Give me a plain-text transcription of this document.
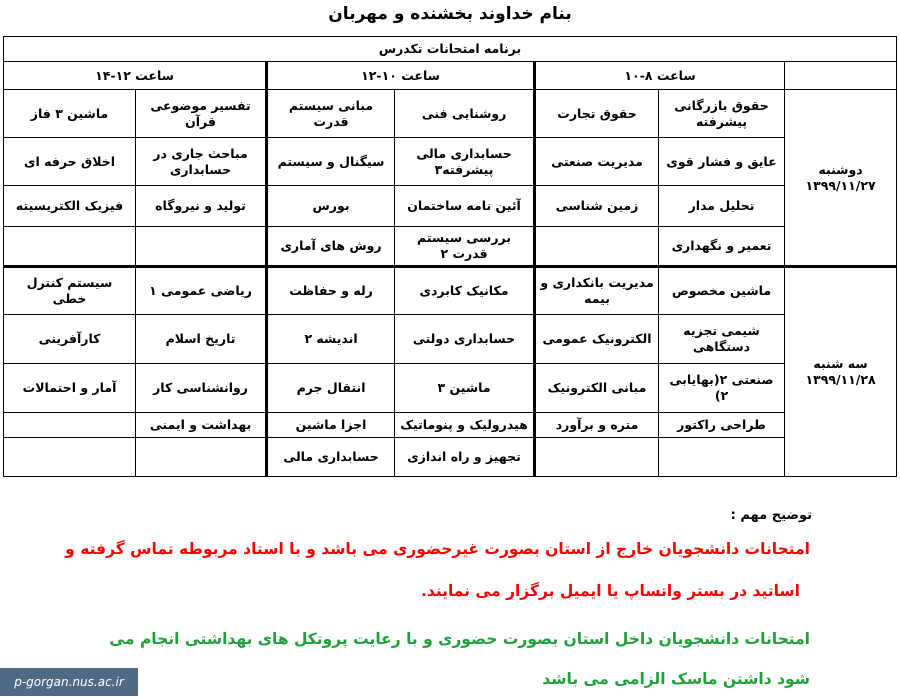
بنام خداوند بخشنده و مهربان
برنامه امتحانات تکدرس						
	ساعت ۸-۱۰		ساعت ۱۰-۱۲		ساعت ۱۲-۱۴	
دوشنبه
۱۳۹۹/۱۱/۲۷	حقوق بازرگانی پیشرفته	حقوق تجارت	روشنایی فنی	مبانی سیستم قدرت	تفسیر موضوعی قرآن	ماشین ۳ فاز
	عایق و فشار قوی	مدیریت صنعتی	حسابداری مالی پیشرفته۳	سیگنال و سیستم	مباحث جاری در حسابداری	اخلاق حرفه ای
	تحلیل مدار	زمین شناسی	آئین نامه ساختمان	بورس	تولید و نیروگاه	فیزیک الکتریسیته
	تعمیر و نگهداری		بررسی سیستم قدرت ۲	روش های آماری		
سه شنبه
۱۳۹۹/۱۱/۲۸	ماشین مخصوص	مدیریت بانکداری و بیمه	مکانیک کابردی	رله و حفاظت	ریاضی عمومی ۱	سیستم کنترل خطی
	شیمی تجزیه دستگاهی	الکترونیک عمومی	حسابداری دولتی	اندیشه ۲	تاریخ اسلام	کارآفرینی
	صنعتی ۲(بهایابی ۲)	مبانی الکترونیک	ماشین ۳	انتقال جرم	روانشناسی کار	آمار و احتمالات
	طراحی راکتور	متره و برآورد	هیدرولیک و پنوماتیک	اجزا ماشین	بهداشت و ایمنی	
			تجهیز و راه اندازی	حسابداری مالی		
توضیح مهم :
امتحانات دانشجویان خارج از استان بصورت غیرحضوری می باشد و با استاد مربوطه تماس گرفته و
اساتید در بستر واتساپ یا ایمیل برگزار می نمایند.
امتحانات دانشجویان داخل استان بصورت حضوری و با رعایت پروتکل های بهداشتی انجام می
شود داشتن ماسک الزامی می باشد
p-gorgan.nus.ac.ir
